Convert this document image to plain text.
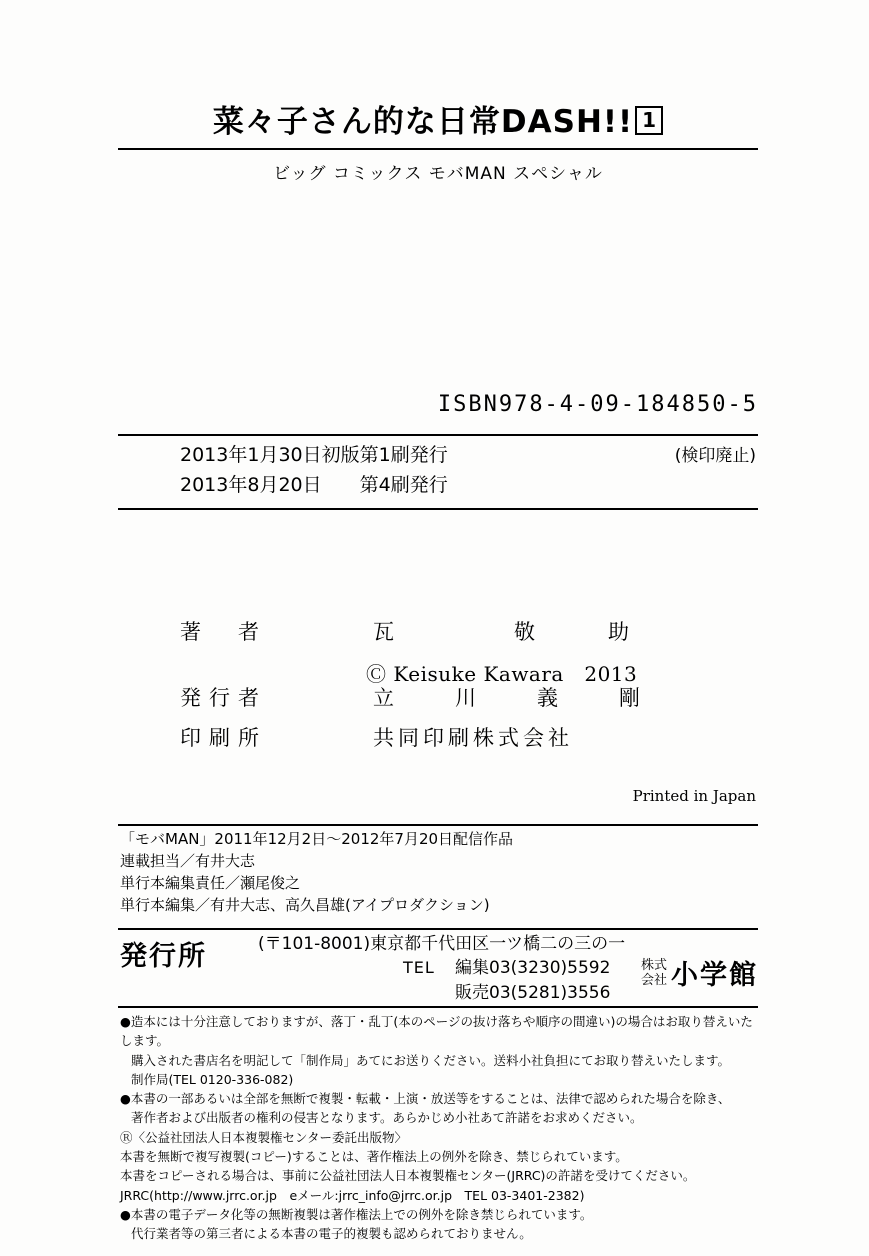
菜々子さん的な日常DASH!! 1
ビッグ コミックス モバMAN スペシャル
ISBN978-4-09-184850-5
2013年1月30日初版第1刷発行
2013年8月20日　　第4刷発行
(検印廃止)
著　者	瓦　　敬　助
発行者	立　川　義　剛
印刷所	共同印刷株式会社
Ⓒ Keisuke Kawara　2013
Printed in Japan
「モバMAN」2011年12月2日〜2012年7月20日配信作品
連載担当／有井大志
単行本編集責任／瀬尾俊之
単行本編集／有井大志、高久昌雄(アイプロダクション)
発行所	(〒101-8001)東京都千代田区一ツ橋二の三の一
TEL 編集03(3230)5592
販売03(5281)3556
株式
会社 小学館
●造本には十分注意しておりますが、落丁・乱丁(本のページの抜け落ちや順序の間違い)の場合はお取り替えいたします。
購入された書店名を明記して「制作局」あてにお送りください。送料小社負担にてお取り替えいたします。
制作局(TEL 0120-336-082)
●本書の一部あるいは全部を無断で複製・転載・上演・放送等をすることは、法律で認められた場合を除き、
著作者および出版者の権利の侵害となります。あらかじめ小社あて許諾をお求めください。
Ⓡ〈公益社団法人日本複製権センター委託出版物〉
本書を無断で複写複製(コピー)することは、著作権法上の例外を除き、禁じられています。
本書をコピーされる場合は、事前に公益社団法人日本複製権センター(JRRC)の許諾を受けてください。
JRRC(http://www.jrrc.or.jp　eメール:jrrc_info@jrrc.or.jp　TEL 03-3401-2382)
●本書の電子データ化等の無断複製は著作権法上での例外を除き禁じられています。
代行業者等の第三者による本書の電子的複製も認められておりません。
